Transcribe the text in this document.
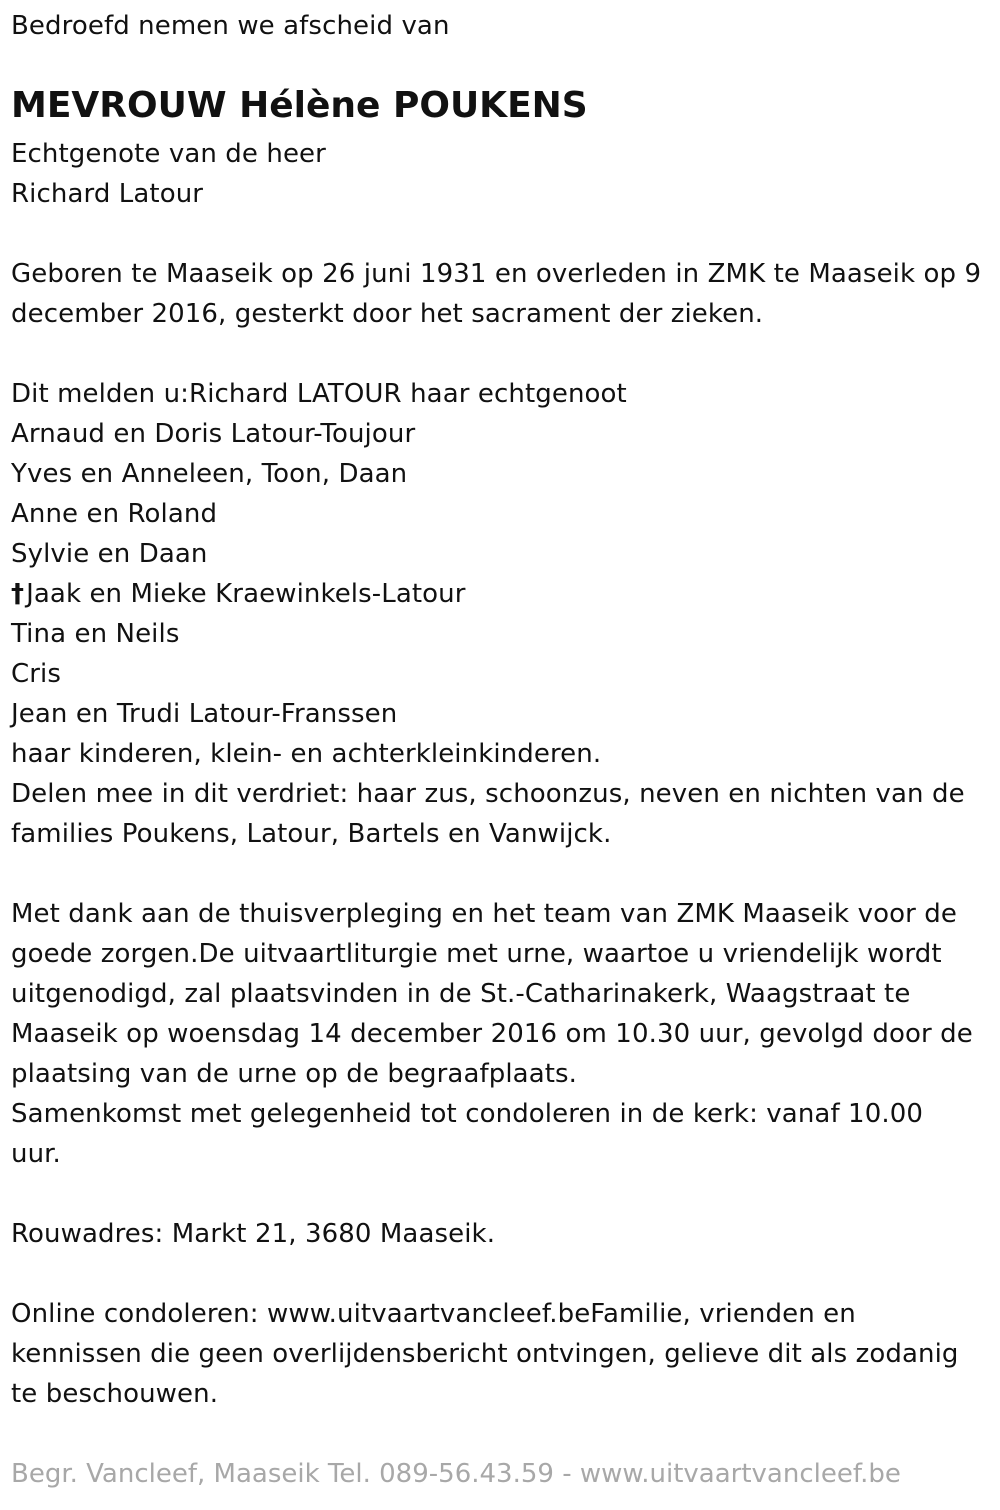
Bedroefd nemen we afscheid van
MEVROUW Hélène POUKENS
Echtgenote van de heer
Richard Latour
Geboren te Maaseik op 26 juni 1931 en overleden in ZMK te Maaseik op 9
december 2016, gesterkt door het sacrament der zieken.
Dit melden u:Richard LATOUR haar echtgenoot
Arnaud en Doris Latour-Toujour
Yves en Anneleen, Toon, Daan
Anne en Roland
Sylvie en Daan
†Jaak en Mieke Kraewinkels-Latour
Tina en Neils
Cris
Jean en Trudi Latour-Franssen
haar kinderen, klein- en achterkleinkinderen.
Delen mee in dit verdriet: haar zus, schoonzus, neven en nichten van de
families Poukens, Latour, Bartels en Vanwijck.
Met dank aan de thuisverpleging en het team van ZMK Maaseik voor de
goede zorgen.De uitvaartliturgie met urne, waartoe u vriendelijk wordt
uitgenodigd, zal plaatsvinden in de St.-Catharinakerk, Waagstraat te
Maaseik op woensdag 14 december 2016 om 10.30 uur, gevolgd door de
plaatsing van de urne op de begraafplaats.
Samenkomst met gelegenheid tot condoleren in de kerk: vanaf 10.00
uur.
Rouwadres: Markt 21, 3680 Maaseik.
Online condoleren: www.uitvaartvancleef.beFamilie, vrienden en
kennissen die geen overlijdensbericht ontvingen, gelieve dit als zodanig
te beschouwen.
Begr. Vancleef, Maaseik Tel. 089-56.43.59 - www.uitvaartvancleef.be
